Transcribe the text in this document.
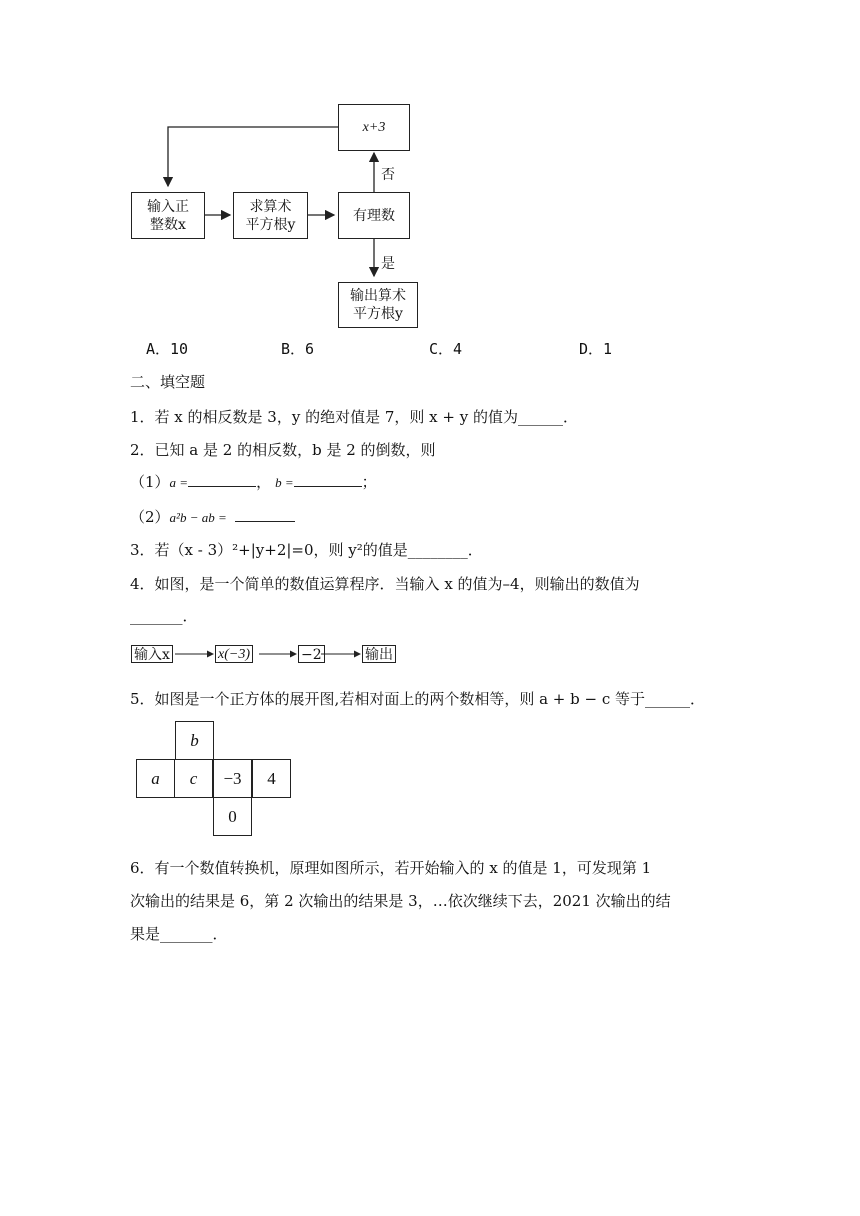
x+3
输入正
整数x
求算术
平方根y
有理数
输出算术
平方根y
否
是
A．10	B．6	C．4	D．1
二、填空题
1．若 x 的相反数是 3，y 的绝对值是 7，则 x + y 的值为______．
2．已知 a 是 2 的相反数，b 是 2 的倒数，则
（1）a =	， b =	；
（2）a²b − ab =
3．若（x - 3）²+|y+2|=0，则 y²的值是________．
4．如图，是一个简单的数值运算程序．当输入 x 的值为–4，则输出的数值为
_______．
输入x	x(−3)	−2	输出
5．如图是一个正方体的展开图,若相对面上的两个数相等，则 a + b − c 等于______．
b
a	c	−3	4
0
6．有一个数值转换机，原理如图所示，若开始输入的 x 的值是 1，可发现第 1
次输出的结果是 6，第 2 次输出的结果是 3，…依次继续下去，2021 次输出的结
果是_______．
